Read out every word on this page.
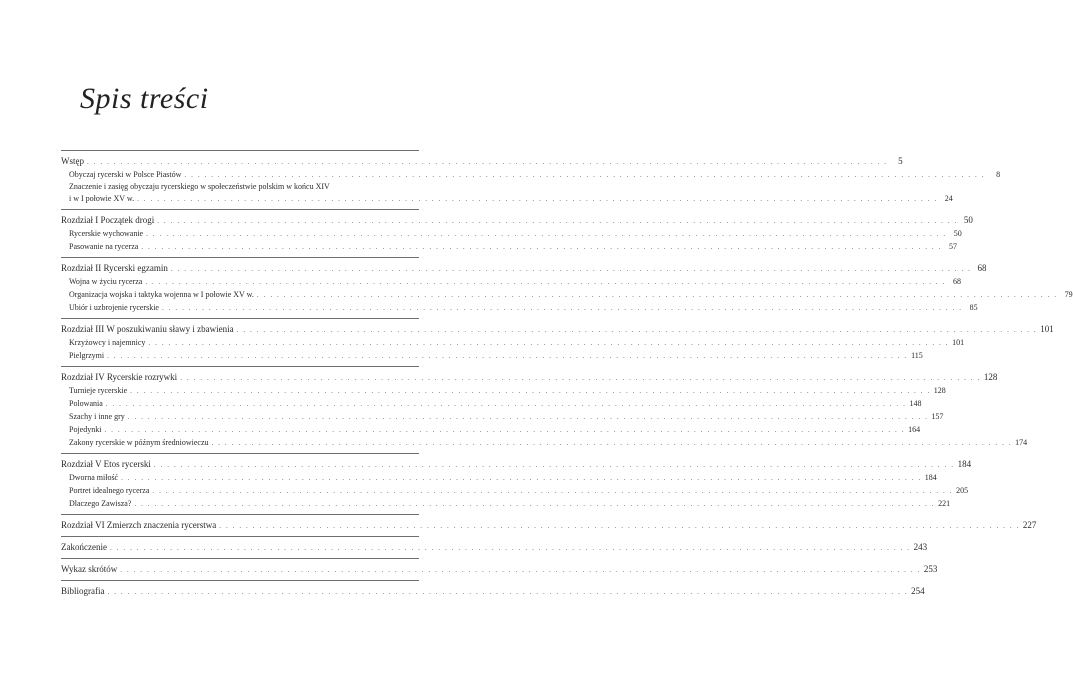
Spis treści
Wstęp . . . . . . . . . . . . . . . . . . . . . . . . . . . . . . . . . . . . . . . . . . . . . . . . . . . . . . . . . . . . . . . . . . . . . . . . . . . . . . . . . . . . . . . . . . . . . . . . . . . . . . . . . . . . . . . . . . . . . . . .	5
Obyczaj rycerski w Polsce Piastów . . . . . . . . . . . . . . . . . . . . . . . . . . . . . . . . . . . . . . . . . . . . . . . . . . . . . . . . . . . . . . . . . . . . . . . . . . . . . . . . . . . . . . . . . . . . . . . . . . . . . . . . . . . . . . . . . . . . . . . .	8
Znaczenie i zasięg obyczaju rycerskiego w społeczeństwie polskim w końcu XIV
i w I połowie XV w. . . . . . . . . . . . . . . . . . . . . . . . . . . . . . . . . . . . . . . . . . . . . . . . . . . . . . . . . . . . . . . . . . . . . . . . . . . . . . . . . . . . . . . . . . . . . . . . . . . . . . . . . . . . . . . . . . . . . . . . . 24
Rozdział I Początek drogi . . . . . . . . . . . . . . . . . . . . . . . . . . . . . . . . . . . . . . . . . . . . . . . . . . . . . . . . . . . . . . . . . . . . . . . . . . . . . . . . . . . . . . . . . . . . . . . . . . . . . . . . . . . . . . . . . . . . . . . . 50
Rycerskie wychowanie . . . . . . . . . . . . . . . . . . . . . . . . . . . . . . . . . . . . . . . . . . . . . . . . . . . . . . . . . . . . . . . . . . . . . . . . . . . . . . . . . . . . . . . . . . . . . . . . . . . . . . . . . . . . . . . . . . . . . . . . 50
Pasowanie na rycerza . . . . . . . . . . . . . . . . . . . . . . . . . . . . . . . . . . . . . . . . . . . . . . . . . . . . . . . . . . . . . . . . . . . . . . . . . . . . . . . . . . . . . . . . . . . . . . . . . . . . . . . . . . . . . . . . . . . . . . . . 57
Rozdział II Rycerski egzamin . . . . . . . . . . . . . . . . . . . . . . . . . . . . . . . . . . . . . . . . . . . . . . . . . . . . . . . . . . . . . . . . . . . . . . . . . . . . . . . . . . . . . . . . . . . . . . . . . . . . . . . . . . . . . . . . . . . . . . . . 68
Wojna w życiu rycerza . . . . . . . . . . . . . . . . . . . . . . . . . . . . . . . . . . . . . . . . . . . . . . . . . . . . . . . . . . . . . . . . . . . . . . . . . . . . . . . . . . . . . . . . . . . . . . . . . . . . . . . . . . . . . . . . . . . . . . . . 68
Organizacja wojska i taktyka wojenna w I połowie XV w. . . . . . . . . . . . . . . . . . . . . . . . . . . . . . . . . . . . . . . . . . . . . . . . . . . . . . . . . . . . . . . . . . . . . . . . . . . . . . . . . . . . . . . . . . . . . . . . . . . . . . . . . . . . . . . . . . . . . . . . . 79
Ubiór i uzbrojenie rycerskie . . . . . . . . . . . . . . . . . . . . . . . . . . . . . . . . . . . . . . . . . . . . . . . . . . . . . . . . . . . . . . . . . . . . . . . . . . . . . . . . . . . . . . . . . . . . . . . . . . . . . . . . . . . . . . . . . . . . . . . . 85
Rozdział III W poszukiwaniu sławy i zbawienia . . . . . . . . . . . . . . . . . . . . . . . . . . . . . . . . . . . . . . . . . . . . . . . . . . . . . . . . . . . . . . . . . . . . . . . . . . . . . . . . . . . . . . . . . . . . . . . . . . . . . . . . . . . . . . . . . . . . . . . . 101
Krzyżowcy i najemnicy . . . . . . . . . . . . . . . . . . . . . . . . . . . . . . . . . . . . . . . . . . . . . . . . . . . . . . . . . . . . . . . . . . . . . . . . . . . . . . . . . . . . . . . . . . . . . . . . . . . . . . . . . . . . . . . . . . . . . . . . 101
Pielgrzymi . . . . . . . . . . . . . . . . . . . . . . . . . . . . . . . . . . . . . . . . . . . . . . . . . . . . . . . . . . . . . . . . . . . . . . . . . . . . . . . . . . . . . . . . . . . . . . . . . . . . . . . . . . . . . . . . . . . . . . . . 115
Rozdział IV Rycerskie rozrywki . . . . . . . . . . . . . . . . . . . . . . . . . . . . . . . . . . . . . . . . . . . . . . . . . . . . . . . . . . . . . . . . . . . . . . . . . . . . . . . . . . . . . . . . . . . . . . . . . . . . . . . . . . . . . . . . . . . . . . . . 128
Turnieje rycerskie . . . . . . . . . . . . . . . . . . . . . . . . . . . . . . . . . . . . . . . . . . . . . . . . . . . . . . . . . . . . . . . . . . . . . . . . . . . . . . . . . . . . . . . . . . . . . . . . . . . . . . . . . . . . . . . . . . . . . . . . 128
Polowania . . . . . . . . . . . . . . . . . . . . . . . . . . . . . . . . . . . . . . . . . . . . . . . . . . . . . . . . . . . . . . . . . . . . . . . . . . . . . . . . . . . . . . . . . . . . . . . . . . . . . . . . . . . . . . . . . . . . . . . . 148
Szachy i inne gry . . . . . . . . . . . . . . . . . . . . . . . . . . . . . . . . . . . . . . . . . . . . . . . . . . . . . . . . . . . . . . . . . . . . . . . . . . . . . . . . . . . . . . . . . . . . . . . . . . . . . . . . . . . . . . . . . . . . . . . . 157
Pojedynki . . . . . . . . . . . . . . . . . . . . . . . . . . . . . . . . . . . . . . . . . . . . . . . . . . . . . . . . . . . . . . . . . . . . . . . . . . . . . . . . . . . . . . . . . . . . . . . . . . . . . . . . . . . . . . . . . . . . . . . . 164
Zakony rycerskie w późnym średniowieczu . . . . . . . . . . . . . . . . . . . . . . . . . . . . . . . . . . . . . . . . . . . . . . . . . . . . . . . . . . . . . . . . . . . . . . . . . . . . . . . . . . . . . . . . . . . . . . . . . . . . . . . . . . . . . . . . . . . . . . . . 174
Rozdział V Etos rycerski . . . . . . . . . . . . . . . . . . . . . . . . . . . . . . . . . . . . . . . . . . . . . . . . . . . . . . . . . . . . . . . . . . . . . . . . . . . . . . . . . . . . . . . . . . . . . . . . . . . . . . . . . . . . . . . . . . . . . . . . 184
Dworna miłość . . . . . . . . . . . . . . . . . . . . . . . . . . . . . . . . . . . . . . . . . . . . . . . . . . . . . . . . . . . . . . . . . . . . . . . . . . . . . . . . . . . . . . . . . . . . . . . . . . . . . . . . . . . . . . . . . . . . . . . . 184
Portret idealnego rycerza . . . . . . . . . . . . . . . . . . . . . . . . . . . . . . . . . . . . . . . . . . . . . . . . . . . . . . . . . . . . . . . . . . . . . . . . . . . . . . . . . . . . . . . . . . . . . . . . . . . . . . . . . . . . . . . . . . . . . . . . 205
Dlaczego Zawisza? . . . . . . . . . . . . . . . . . . . . . . . . . . . . . . . . . . . . . . . . . . . . . . . . . . . . . . . . . . . . . . . . . . . . . . . . . . . . . . . . . . . . . . . . . . . . . . . . . . . . . . . . . . . . . . . . . . . . . . . . 221
Rozdział VI Zmierzch znaczenia rycerstwa . . . . . . . . . . . . . . . . . . . . . . . . . . . . . . . . . . . . . . . . . . . . . . . . . . . . . . . . . . . . . . . . . . . . . . . . . . . . . . . . . . . . . . . . . . . . . . . . . . . . . . . . . . . . . . . . . . . . . . . . 227
Zakończenie . . . . . . . . . . . . . . . . . . . . . . . . . . . . . . . . . . . . . . . . . . . . . . . . . . . . . . . . . . . . . . . . . . . . . . . . . . . . . . . . . . . . . . . . . . . . . . . . . . . . . . . . . . . . . . . . . . . . . . . . 243
Wykaz skrótów . . . . . . . . . . . . . . . . . . . . . . . . . . . . . . . . . . . . . . . . . . . . . . . . . . . . . . . . . . . . . . . . . . . . . . . . . . . . . . . . . . . . . . . . . . . . . . . . . . . . . . . . . . . . . . . . . . . . . . . . 253
Bibliografia . . . . . . . . . . . . . . . . . . . . . . . . . . . . . . . . . . . . . . . . . . . . . . . . . . . . . . . . . . . . . . . . . . . . . . . . . . . . . . . . . . . . . . . . . . . . . . . . . . . . . . . . . . . . . . . . . . . . . . . . 254
